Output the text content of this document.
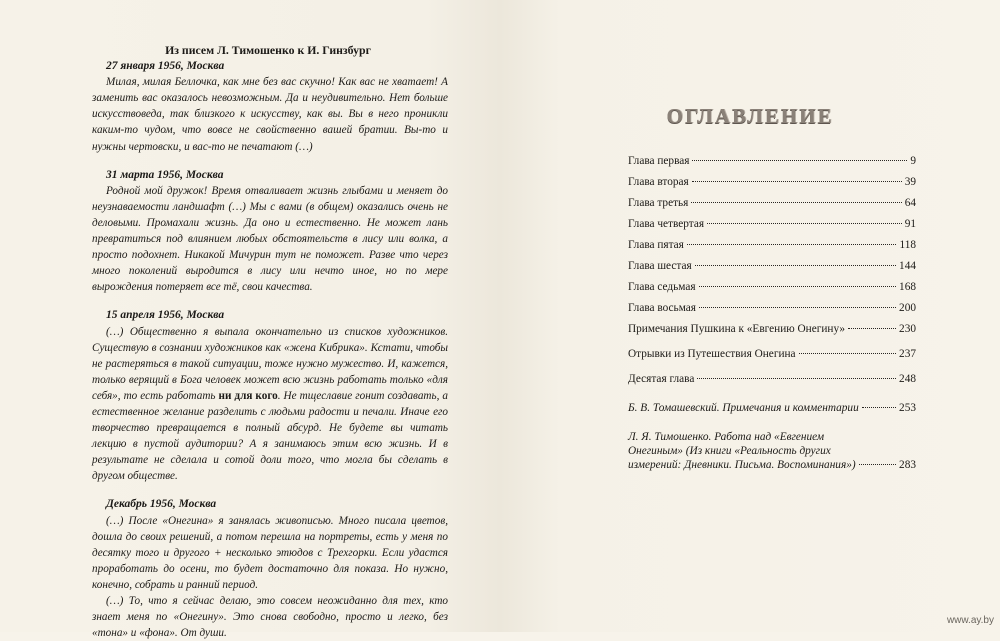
Из писем Л. Тимошенко к И. Гинзбург
27 января 1956, Москва

Милая, милая Беллочка, как мне без вас скучно! Как вас не хватает! А заменить вас оказалось невозможным. Да и неудивительно. Нет больше искусствоведа, так близкого к искусству, как вы. Вы в него проникли каким-то чудом, что вовсе не свойственно вашей братии. Вы-то и нужны чертовски, и вас-то не печатают (…)

31 марта 1956, Москва

Родной мой дружок! Время отваливает жизнь глыбами и меняет до неузнаваемости ландшафт (…) Мы с вами (в общем) оказались очень не деловыми. Промахали жизнь. Да оно и естественно. Не может лань превратиться под влиянием любых обстоятельств в лису или волка, а просто подохнет. Никакой Мичурин тут не поможет. Разве что через много поколений выродится в лису или нечто иное, но по мере вырождения потеряет все тё, свои качества.

15 апреля 1956, Москва

(…) Общественно я выпала окончательно из списков художников. Существую в сознании художников как «жена Кибрика». Кстати, чтобы не растеряться в такой ситуации, тоже нужно мужество. И, кажется, только верящий в Бога человек может всю жизнь работать только «для себя», то есть работать ни для кого. Не тщеславие гонит создавать, а естественное желание разделить с людьми радости и печали. Иначе его творчество превращается в полный абсурд. Не будете вы читать лекцию в пустой аудитории? А я занимаюсь этим всю жизнь. И в результате не сделала и сотой доли того, что могла бы сделать в другом обществе.

Декабрь 1956, Москва

(…) После «Онегина» я занялась живописью. Много писала цветов, дошла до своих решений, а потом перешла на портреты, есть у меня по десятку того и другого + несколько этюдов с Трехгорки. Если удастся проработать до осени, то будет достаточно для показа. Но нужно, конечно, собрать и ранний период.

(…) То, что я сейчас делаю, это совсем неожиданно для тех, кто знает меня по «Онегину». Это снова свободно, просто и легко, без «тона» и «фона». От души.

ОГЛАВЛЕНИЕ
Глава первая	9
Глава вторая	39
Глава третья	64
Глава четвертая	91
Глава пятая	118
Глава шестая	144
Глава седьмая	168
Глава восьмая	200
Примечания Пушкина к «Евгению Онегину»	230
Отрывки из Путешествия Онегина	237
Десятая глава	248
Б. В. Томашевский. Примечания и комментарии	253
Л. Я. Тимошенко. Работа над «Евгением
Онегиным» (Из книги «Реальность других
измерений: Дневники. Письма. Воспоминания»)	283
www.ay.by
